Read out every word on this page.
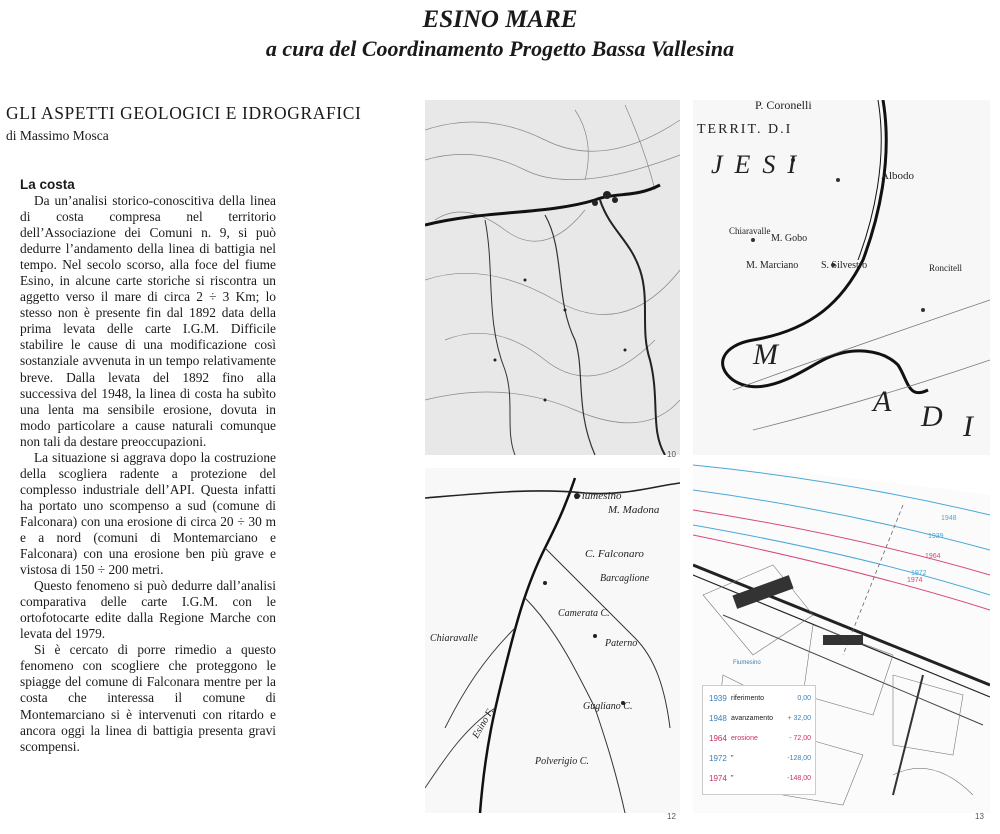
ESINO MARE
a cura del Coordinamento Progetto Bassa Vallesina
GLI ASPETTI GEOLOGICI E IDROGRAFICI
di Massimo Mosca
La costa

Da un’analisi storico-conoscitiva della linea di costa compresa nel territorio dell’Associazione dei Comuni n. 9, si può dedurre l’andamento della linea di battigia nel tempo. Nel secolo scorso, alla foce del fiume Esino, in alcune carte storiche si riscontra un aggetto verso il mare di circa 2 ÷ 3 Km; lo stesso non è presente fin dal 1892 data della prima levata delle carte I.G.M. Difficile stabilire le cause di una modificazione così sostanziale avvenuta in un tempo relativamente breve. Dalla levata del 1892 fino alla successiva del 1948, la linea di costa ha subìto una lenta ma sensibile erosione, dovuta in modo particolare a cause naturali comunque non tali da destare preoccupazioni.

La situazione si aggrava dopo la costruzione della scogliera radente a protezione del complesso industriale dell’API. Questa infatti ha portato uno scompenso a sud (comune di Falconara) con una erosione di circa 20 ÷ 30 m e a nord (comuni di Montemarciano e Falconara) con una erosione ben più grave e vistosa di 150 ÷ 200 metri.

Questo fenomeno si può dedurre dall’analisi comparativa delle carte I.G.M. con le ortofotocarte edite dalla Regione Marche con levata del 1979.

Si è cercato di porre rimedio a questo fenomeno con scogliere che proteggono le spiagge del comune di Falconara mentre per la costa che interessa il comune di Montemarciano si è intervenuti con ritardo e ancora oggi la linea di battigia presenta gravi scompensi.

10
P. Coronelli
TERRIT. D.I
JESI	Albodo
M. Gobo
M. Marciano S. Silvestro	Roncitell
Chiaravalle
M
A D I
Fiumesino
M. Madona
C. Falconaro
Barcaglione
Camerata C.
Chiaravalle	Paterno
Gugliano C.
Esino F.
Polverigio C.
12
1948
1939
1964
1972
1974
Fiumesino
1939 riferimento	0,00
1948 avanzamento + 32,00
1964 erosione	- 72,00
1972 "	-128,00
1974 "	-148,00
13
